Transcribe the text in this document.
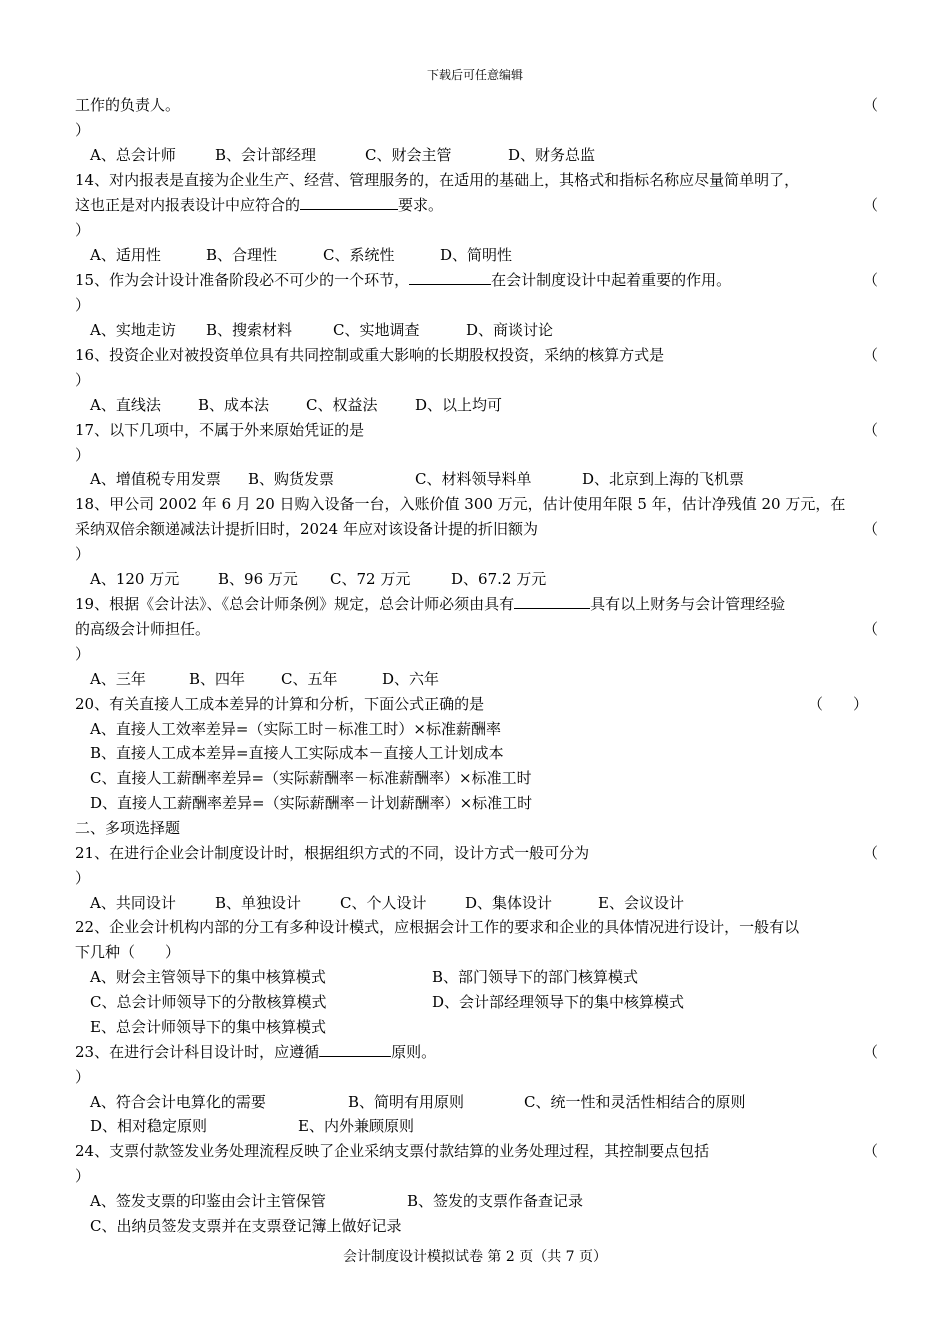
下载后可任意编辑
工作的负责人。	（
）
A、总会计师	B、会计部经理	C、财会主管	D、财务总监
14、对内报表是直接为企业生产、经营、管理服务的，在适用的基础上，其格式和指标名称应尽量简单明了，
这也正是对内报表设计中应符合的	要求。	（
）
A、适用性	B、合理性	C、系统性	D、简明性
15、作为会计设计准备阶段必不可少的一个环节，	在会计制度设计中起着重要的作用。	（
）
A、实地走访 B、搜索材料	C、实地调查	D、商谈讨论
16、投资企业对被投资单位具有共同控制或重大影响的长期股权投资，采纳的核算方式是	（
）
A、直线法 B、成本法 C、权益法	D、以上均可
17、以下几项中，不属于外来原始凭证的是	（
）
A、增值税专用发票 B、购货发票	C、材料领导料单	D、北京到上海的飞机票
18、甲公司 2002 年 6 月 20 日购入设备一台，入账价值 300 万元，估计使用年限 5 年，估计净残值 20 万元，在
采纳双倍余额递减法计提折旧时，2024 年应对该设备计提的折旧额为	（
）
A、120 万元	B、96 万元 C、72 万元	D、67.2 万元
19、根据《会计法》、《总会计师条例》规定，总会计师必须由具有	具有以上财务与会计管理经验
的高级会计师担任。	（
）
A、三年	B、四年 C、五年	D、六年
20、有关直接人工成本差异的计算和分析，下面公式正确的是	（　　）
A、直接人工效率差异=（实际工时－标准工时）×标准薪酬率
B、直接人工成本差异=直接人工实际成本－直接人工计划成本
C、直接人工薪酬率差异=（实际薪酬率－标准薪酬率）×标准工时
D、直接人工薪酬率差异=（实际薪酬率－计划薪酬率）×标准工时
二、多项选择题
21、在进行企业会计制度设计时，根据组织方式的不同，设计方式一般可分为	（
）
A、共同设计	B、单独设计	C、个人设计	D、集体设计	E、会议设计
22、企业会计机构内部的分工有多种设计模式，应根据会计工作的要求和企业的具体情况进行设计，一般有以
下几种（　　）
A、财会主管领导下的集中核算模式	B、部门领导下的部门核算模式
C、总会计师领导下的分散核算模式	D、会计部经理领导下的集中核算模式
E、总会计师领导下的集中核算模式
23、在进行会计科目设计时，应遵循	原则。	（
）
A、符合会计电算化的需要	B、简明有用原则	C、统一性和灵活性相结合的原则
D、相对稳定原则	E、内外兼顾原则
24、支票付款签发业务处理流程反映了企业采纳支票付款结算的业务处理过程，其控制要点包括	（
）
A、签发支票的印鉴由会计主管保管	B、签发的支票作备查记录
C、出纳员签发支票并在支票登记簿上做好记录
会计制度设计模拟试卷 第 2 页（共 7 页）
